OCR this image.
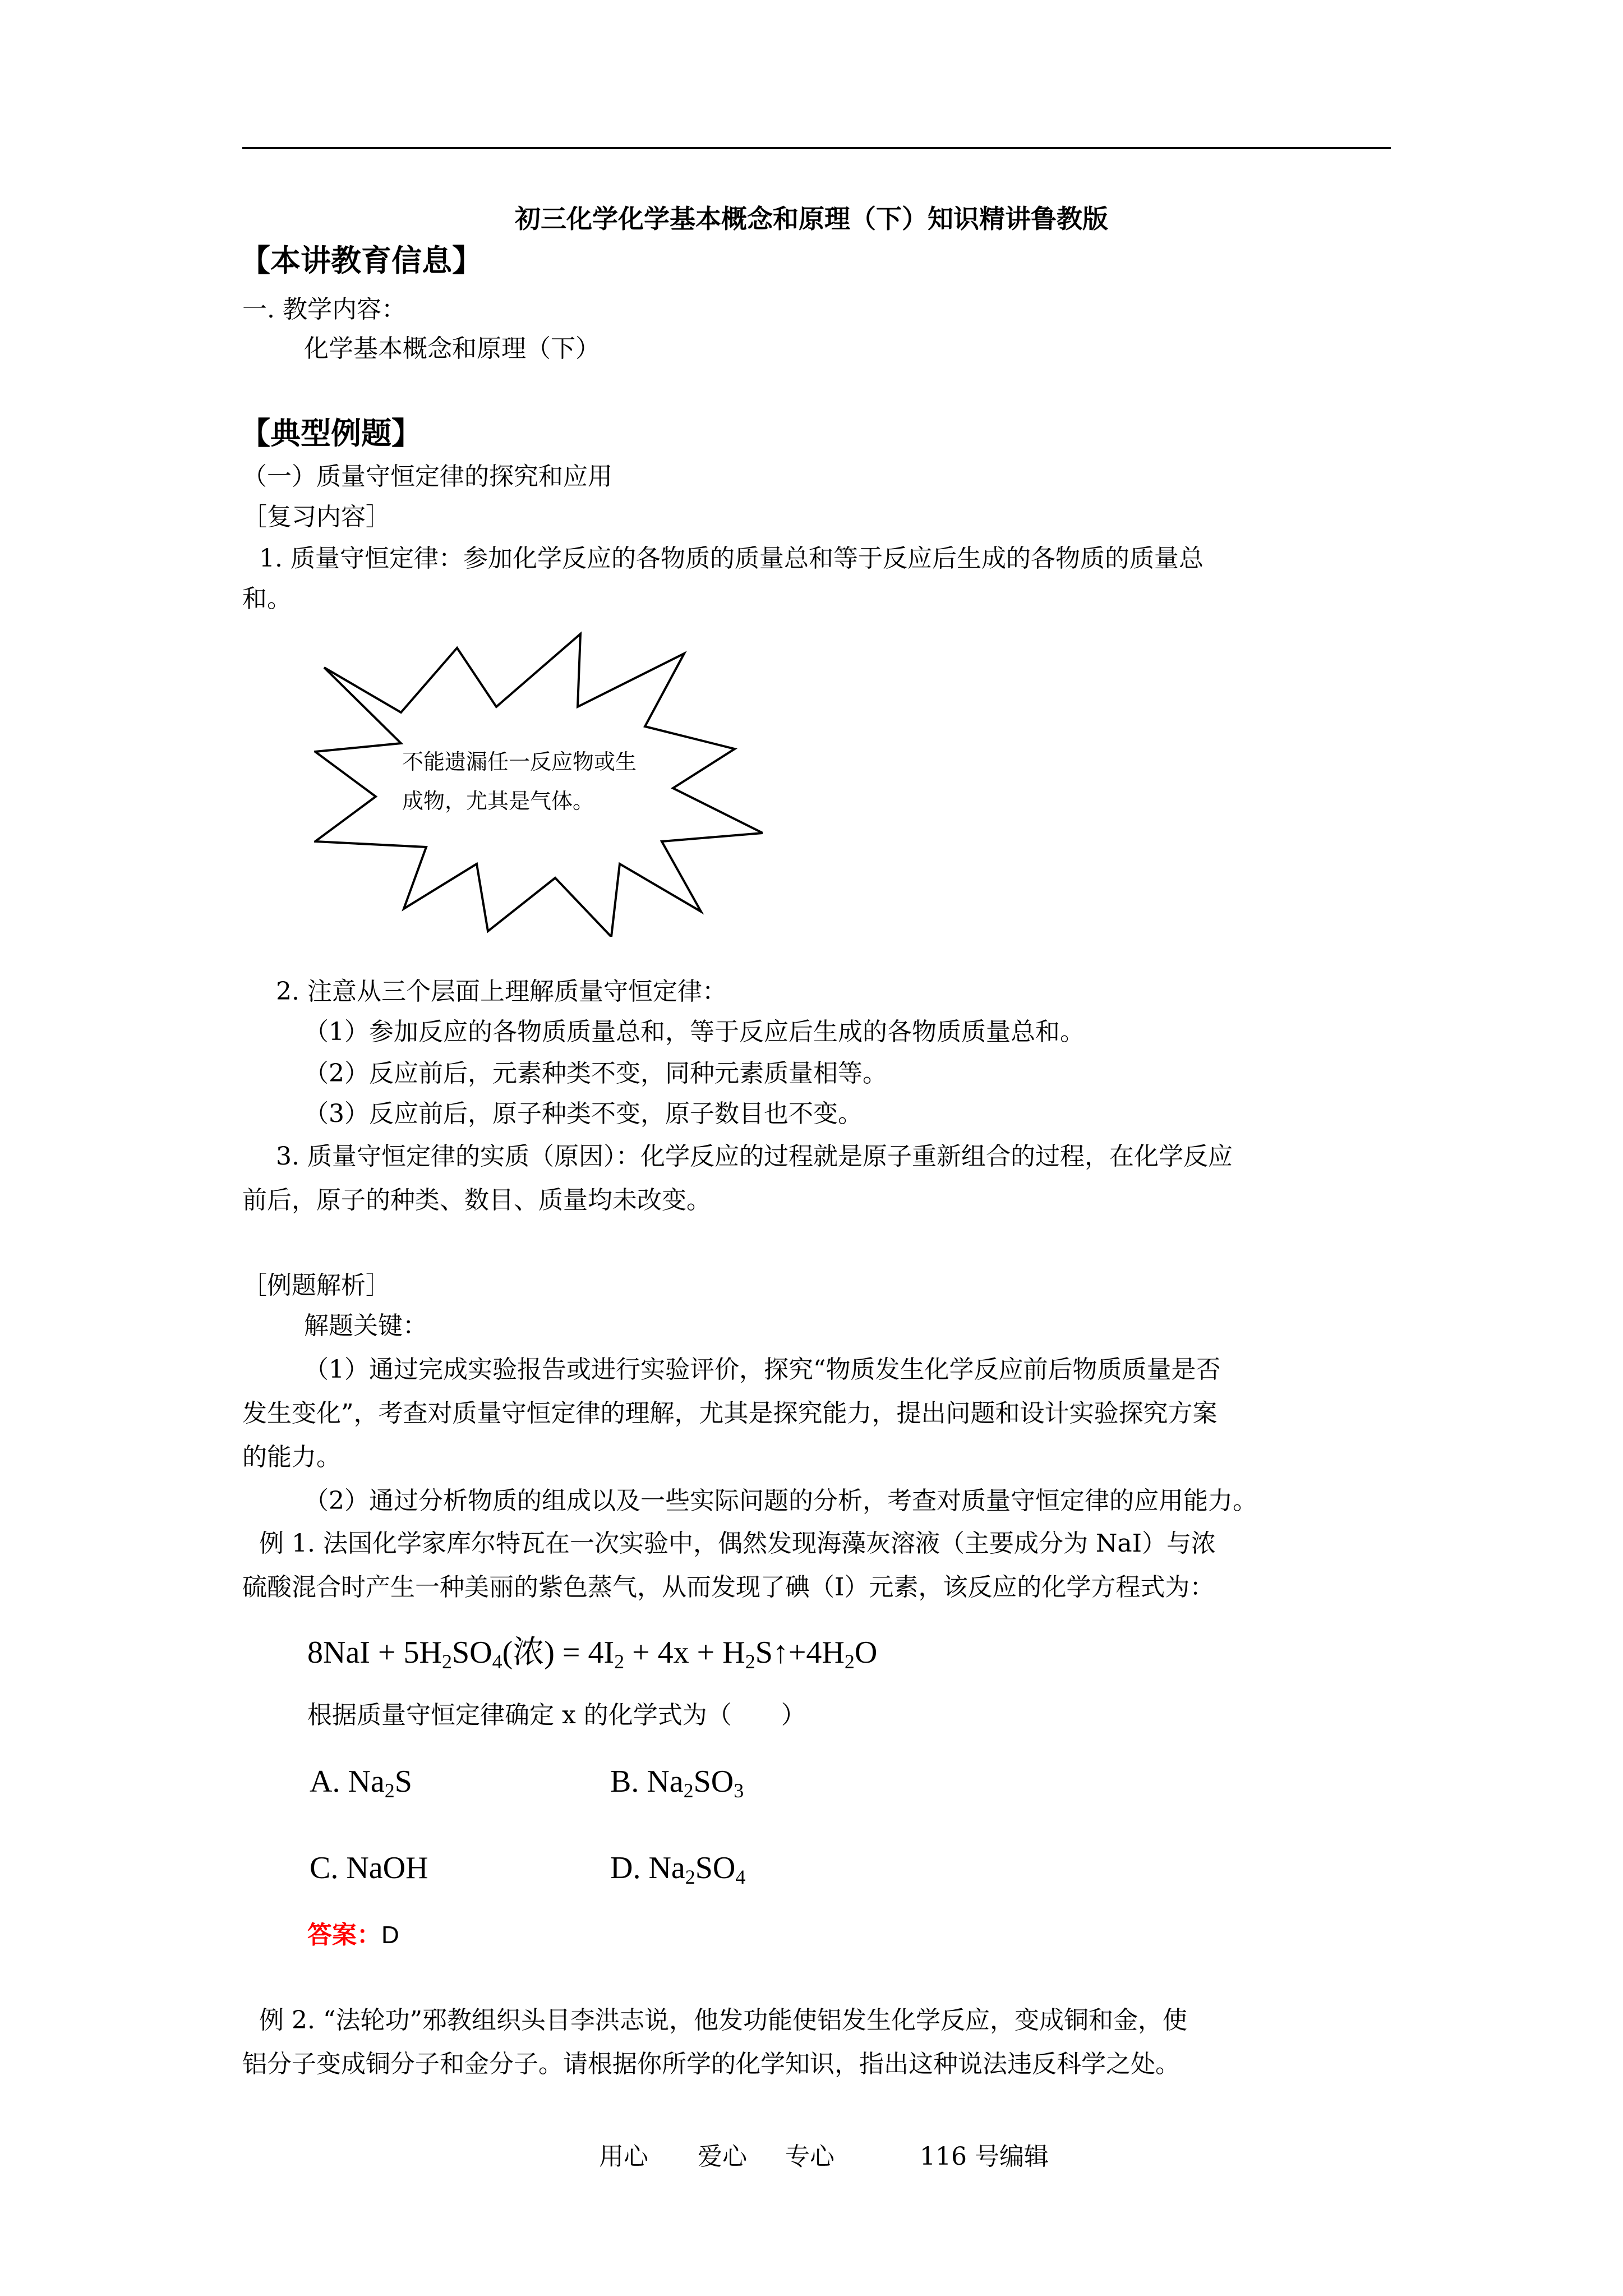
初三化学化学基本概念和原理（下）知识精讲鲁教版
【本讲教育信息】
一. 教学内容：
化学基本概念和原理（下）
【典型例题】
（一）质量守恒定律的探究和应用
［复习内容］
1. 质量守恒定律：参加化学反应的各物质的质量总和等于反应后生成的各物质的质量总
和。
不能遗漏任一反应物或生
成物，尤其是气体。
2. 注意从三个层面上理解质量守恒定律：
（1）参加反应的各物质质量总和，等于反应后生成的各物质质量总和。
（2）反应前后，元素种类不变，同种元素质量相等。
（3）反应前后，原子种类不变，原子数目也不变。
3. 质量守恒定律的实质（原因）：化学反应的过程就是原子重新组合的过程，在化学反应
前后，原子的种类、数目、质量均未改变。
［例题解析］
解题关键：
（1）通过完成实验报告或进行实验评价，探究“物质发生化学反应前后物质质量是否
发生变化”，考查对质量守恒定律的理解，尤其是探究能力，提出问题和设计实验探究方案
的能力。
（2）通过分析物质的组成以及一些实际问题的分析，考查对质量守恒定律的应用能力。
例 1. 法国化学家库尔特瓦在一次实验中，偶然发现海藻灰溶液（主要成分为 NaI）与浓
硫酸混合时产生一种美丽的紫色蒸气，从而发现了碘（I）元素，该反应的化学方程式为：
$8NaI + 5H_2SO_4$(浓) = $4I_2 + 4x$ + $H_2S↑+4H_2O$
根据质量守恒定律确定 x 的化学式为（　　）
A. $Na_2S$	B. $Na_2SO_3$
C. NaOH	D. $Na_2SO_4$
答案：D
例 2. “法轮功”邪教组织头目李洪志说，他发功能使铝发生化学反应，变成铜和金，使
铝分子变成铜分子和金分子。请根据你所学的化学知识，指出这种说法违反科学之处。
用心 爱心 专心	116 号编辑
